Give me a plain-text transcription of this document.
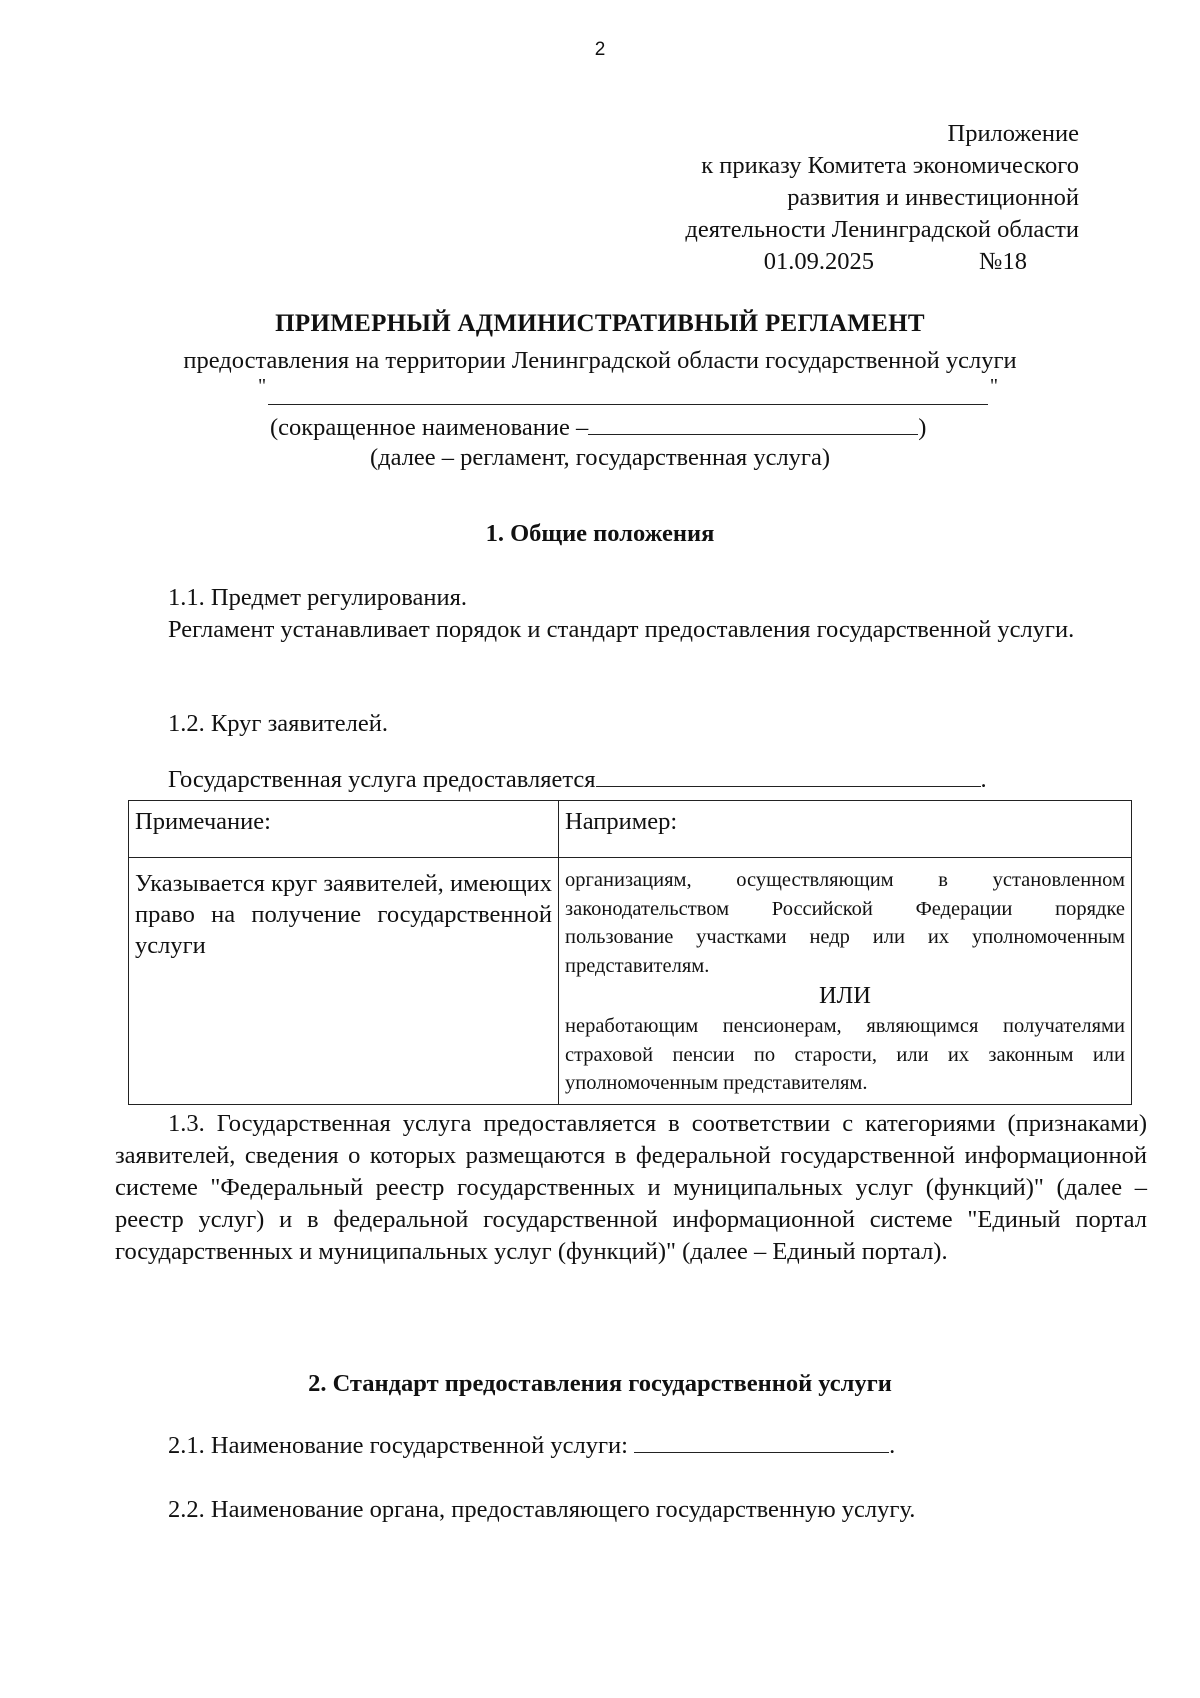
2
Приложение
к приказу Комитета экономического
развития и инвестиционной
деятельности Ленинградской области
01.09.2025	№18
ПРИМЕРНЫЙ АДМИНИСТРАТИВНЫЙ РЕГЛАМЕНТ
предоставления на территории Ленинградской области государственной услуги
"	"
(сокращенное наименование –	)
(далее – регламент, государственная услуга)
1. Общие положения
1.1. Предмет регулирования.
Регламент устанавливает порядок и стандарт предоставления государственной услуги.
1.2. Круг заявителей.
Государственная услуга предоставляется	.
Примечание:	Например:
Указывается круг заявителей, имеющих право на получение государственной услуги	организациям, осуществляющим в установленном законодательством Российской Федерации порядке пользование участками недр или их уполномоченным представителям.
ИЛИ
неработающим пенсионерам, являющимся получателями страховой пенсии по старости, или их законным или уполномоченным представителям.
1.3. Государственная услуга предоставляется в соответствии с категориями (признаками) заявителей, сведения о которых размещаются в федеральной государственной информационной системе "Федеральный реестр государственных и муниципальных услуг (функций)" (далее – реестр услуг) и в федеральной государственной информационной системе "Единый портал государственных и муниципальных услуг (функций)" (далее – Единый портал).
2. Стандарт предоставления государственной услуги
2.1. Наименование государственной услуги:	.
2.2. Наименование органа, предоставляющего государственную услугу.
